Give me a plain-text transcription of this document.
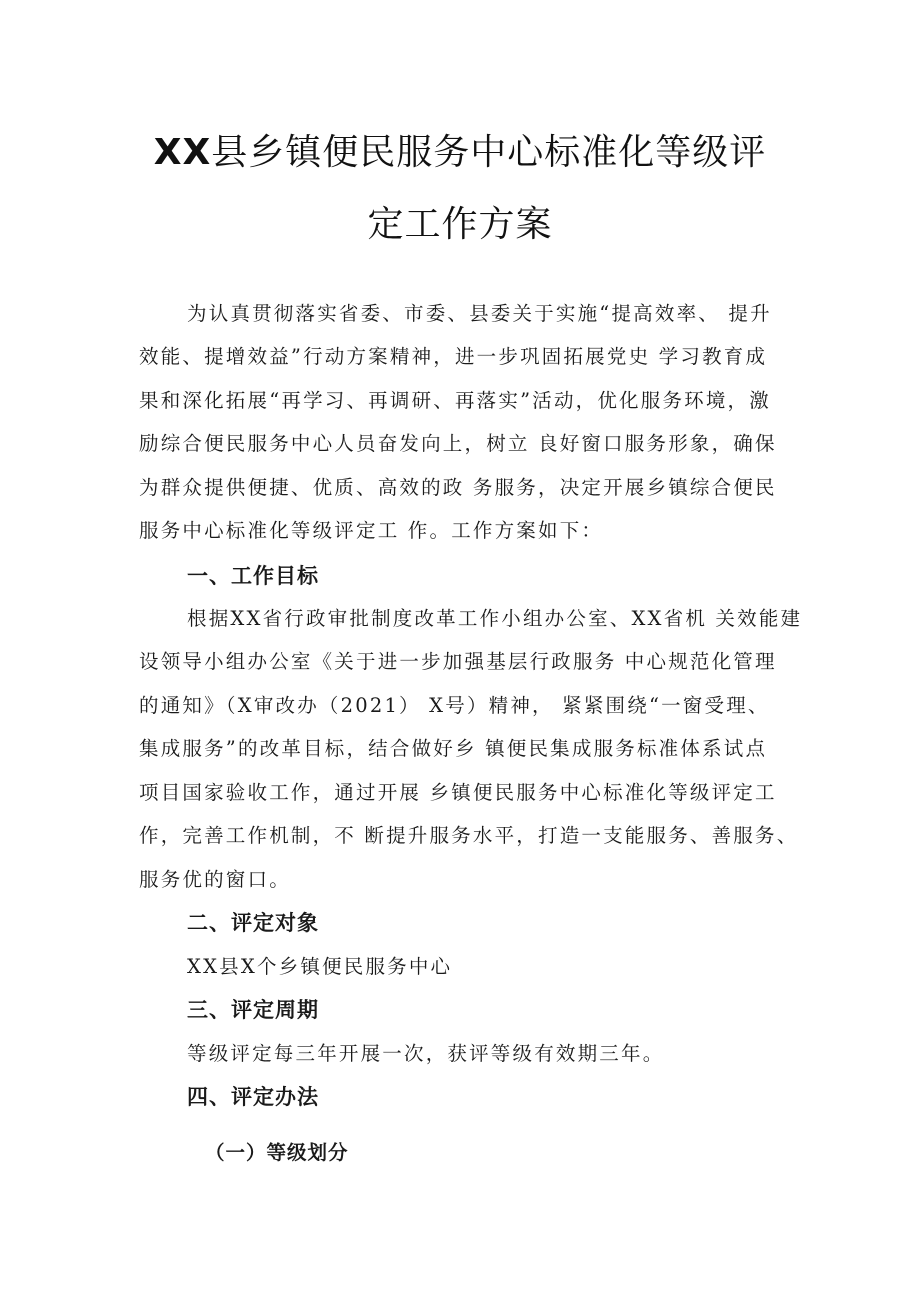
XX县乡镇便民服务中心标准化等级评
定工作方案
为认真贯彻落实省委、市委、县委关于实施“提高效率、 提升
效能、提增效益”行动方案精神，进一步巩固拓展党史 学习教育成
果和深化拓展“再学习、再调研、再落实”活动，优化服务环境，激
励综合便民服务中心人员奋发向上，树立 良好窗口服务形象，确保
为群众提供便捷、优质、高效的政 务服务，决定开展乡镇综合便民
服务中心标准化等级评定工 作。工作方案如下：
一、工作目标
根据XX省行政审批制度改革工作小组办公室、XX省机 关效能建
设领导小组办公室《关于进一步加强基层行政服务 中心规范化管理
的通知》（X审改办（2021） X号）精神， 紧紧围绕“一窗受理、
集成服务”的改革目标，结合做好乡 镇便民集成服务标准体系试点
项目国家验收工作，通过开展 乡镇便民服务中心标准化等级评定工
作，完善工作机制，不 断提升服务水平，打造一支能服务、善服务、
服务优的窗口。
二、评定对象
XX县X个乡镇便民服务中心
三、评定周期
等级评定每三年开展一次，获评等级有效期三年。
四、评定办法
（一）等级划分
